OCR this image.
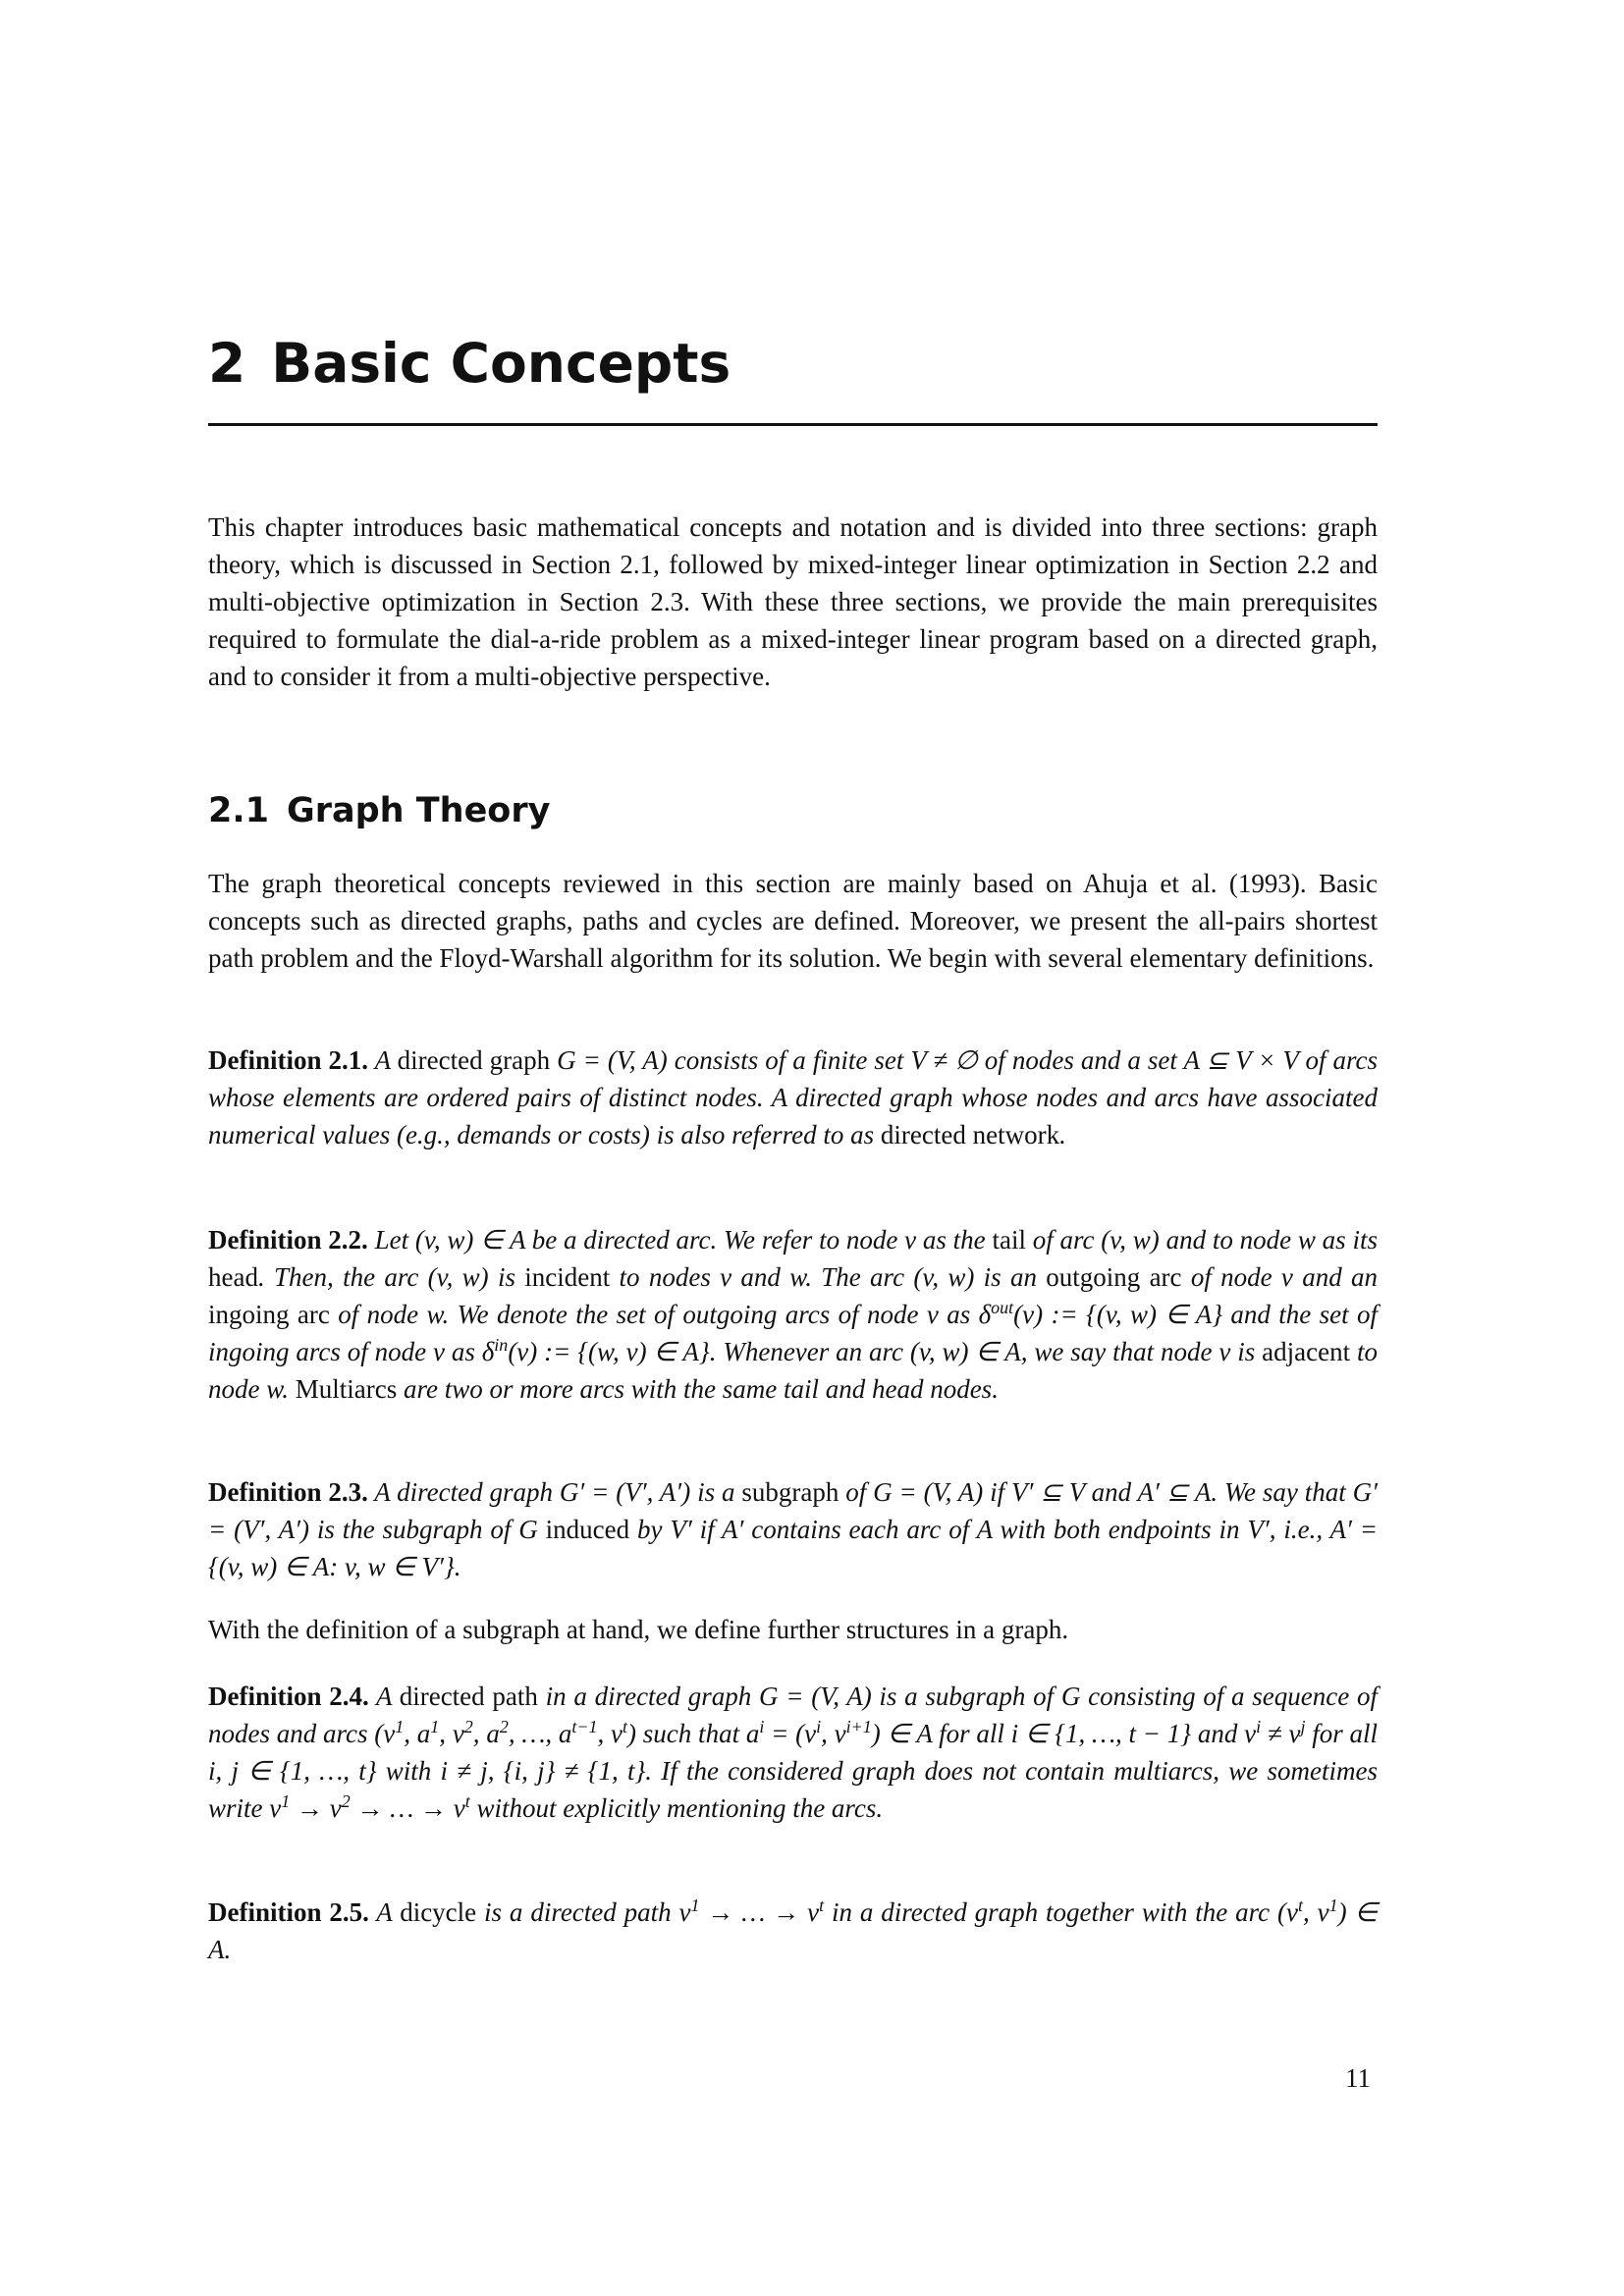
2 Basic Concepts
2.1 Graph Theory
This chapter introduces basic mathematical concepts and notation and is divided into three sections: graph theory, which is discussed in Section 2.1, followed by mixed-integer linear optimization in Section 2.2 and multi-objective optimization in Section 2.3. With these three sections, we provide the main prerequisites required to formulate the dial-a-ride problem as a mixed-integer linear program based on a directed graph, and to consider it from a multi-objective perspective.
The graph theoretical concepts reviewed in this section are mainly based on Ahuja et al. (1993). Basic concepts such as directed graphs, paths and cycles are defined. Moreover, we present the all-pairs shortest path problem and the Floyd-Warshall algorithm for its solution. We begin with several elementary definitions.
Definition 2.1. A directed graph G = (V, A) consists of a finite set V ≠ ∅ of nodes and a set A ⊆ V × V of arcs whose elements are ordered pairs of distinct nodes. A directed graph whose nodes and arcs have associated numerical values (e.g., demands or costs) is also referred to as directed network.
Definition 2.2. Let (v, w) ∈ A be a directed arc. We refer to node v as the tail of arc (v, w) and to node w as its head. Then, the arc (v, w) is incident to nodes v and w. The arc (v, w) is an outgoing arc of node v and an ingoing arc of node w. We denote the set of outgoing arcs of node v as $\delta^{out}(v)$ := {(v, w) ∈ A} and the set of ingoing arcs of node v as $\delta^{in}(v)$ := {(w, v) ∈ A}. Whenever an arc (v, w) ∈ A, we say that node v is adjacent to node w. Multiarcs are two or more arcs with the same tail and head nodes.
Definition 2.3. A directed graph G′ = (V′, A′) is a subgraph of G = (V, A) if V′ ⊆ V and A′ ⊆ A. We say that G′ = (V′, A′) is the subgraph of G induced by V′ if A′ contains each arc of A with both endpoints in V′, i.e., A′ = {(v, w) ∈ A: v, w ∈ V′}.
With the definition of a subgraph at hand, we define further structures in a graph.
Definition 2.4. A directed path in a directed graph G = (V, A) is a subgraph of G consisting of a sequence of nodes and arcs ($v^1$, $a^1$, $v^2$, $a^2$, …, $a^{t-1}$, $v^t$) such that $a^i = (v^i$, $v^{i+1}$) ∈ A for all i ∈ {1, …, t − 1} and $v^i \ne v^j$ for all i, j ∈ {1, …, t} with i ≠ j, {i, j} ≠ {1, t}. If the considered graph does not contain multiarcs, we sometimes write $v^1 \to v^2$ → … → $v^t$ without explicitly mentioning the arcs.
Definition 2.5. A dicycle is a directed path $v^1$ → … → $v^t$ in a directed graph together with the arc ($v^t$, $v^1$) ∈ A.
11
